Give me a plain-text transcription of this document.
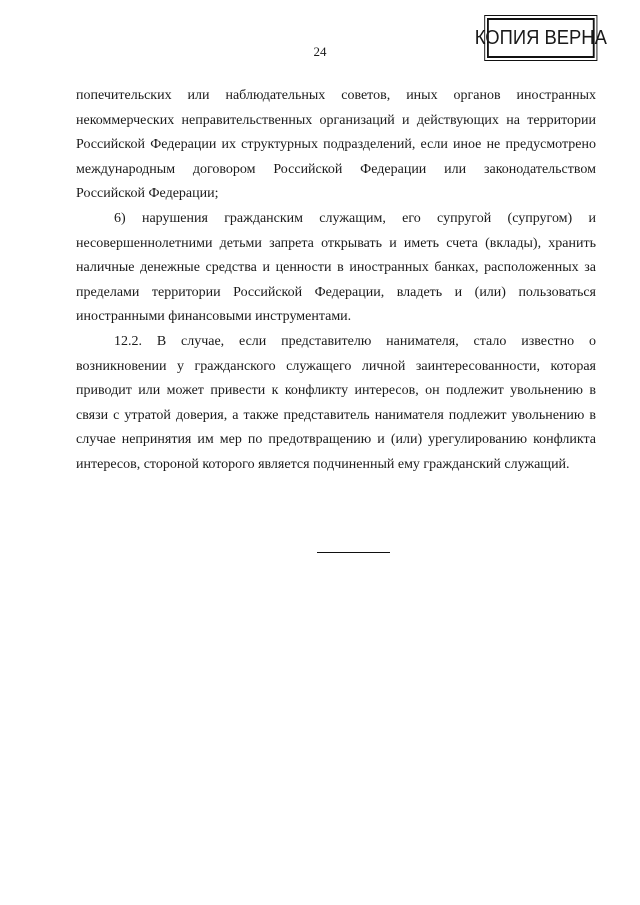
КОПИЯ ВЕРНА
24

попечительских или наблюдательных советов, иных органов иностранных некоммерческих неправительственных организаций и действующих на территории Российской Федерации их структурных подразделений, если иное не предусмотрено международным договором Российской Федерации или законодательством Российской Федерации;

6) нарушения гражданским служащим, его супругой (супругом) и несовершеннолетними детьми запрета открывать и иметь счета (вклады), хранить наличные денежные средства и ценности в иностранных банках, расположенных за пределами территории Российской Федерации, владеть и (или) пользоваться иностранными финансовыми инструментами.

12.2. В случае, если представителю нанимателя, стало известно о возникновении у гражданского служащего личной заинтересованности, которая приводит или может привести к конфликту интересов, он подлежит увольнению в связи с утратой доверия, а также представитель нанимателя подлежит увольнению в случае непринятия им мер по предотвращению и (или) урегулированию конфликта интересов, стороной которого является подчиненный ему гражданский служащий.
